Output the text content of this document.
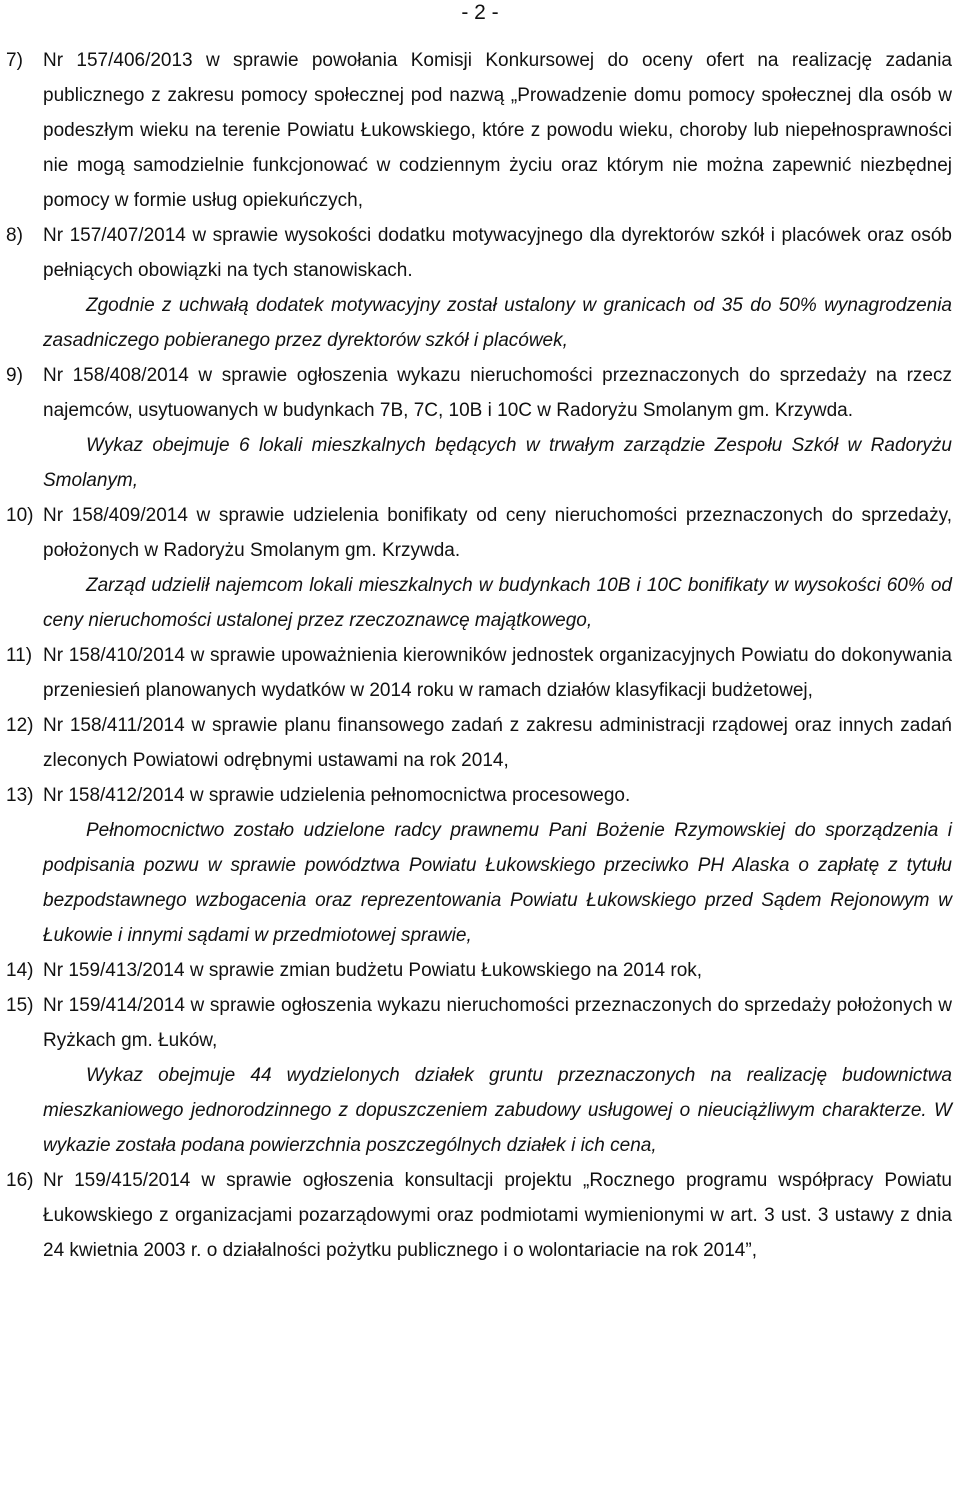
- 2 -
7)	Nr 157/406/2013 w sprawie powołania Komisji Konkursowej do oceny ofert na realizację zadania publicznego z zakresu pomocy społecznej pod nazwą „Prowadzenie domu pomocy społecznej dla osób w podeszłym wieku na terenie Powiatu Łukowskiego, które z powodu wieku, choroby lub niepełnosprawności nie mogą samodzielnie funkcjonować w codziennym życiu oraz którym nie można zapewnić niezbędnej pomocy w formie usług opiekuńczych,

8)	Nr 157/407/2014 w sprawie wysokości dodatku motywacyjnego dla dyrektorów szkół i placówek oraz osób pełniących obowiązki na tych stanowiskach.

Zgodnie z uchwałą dodatek motywacyjny został ustalony w granicach od 35 do 50% wynagrodzenia zasadniczego pobieranego przez dyrektorów szkół i placówek,

9)	Nr 158/408/2014 w sprawie ogłoszenia wykazu nieruchomości przeznaczonych do sprzedaży na rzecz najemców, usytuowanych w budynkach 7B, 7C, 10B i 10C w Radoryżu Smolanym gm. Krzywda.

Wykaz obejmuje 6 lokali mieszkalnych będących w trwałym zarządzie Zespołu Szkół w Radoryżu Smolanym,

10) Nr 158/409/2014 w sprawie udzielenia bonifikaty od ceny nieruchomości przeznaczonych do sprzedaży, położonych w Radoryżu Smolanym gm. Krzywda.

Zarząd udzielił najemcom lokali mieszkalnych w budynkach 10B i 10C bonifikaty w wysokości 60% od ceny nieruchomości ustalonej przez rzeczoznawcę majątkowego,

11) Nr 158/410/2014 w sprawie upoważnienia kierowników jednostek organizacyjnych Powiatu do dokonywania przeniesień planowanych wydatków w 2014 roku w ramach działów klasyfikacji budżetowej,

12) Nr 158/411/2014 w sprawie planu finansowego zadań z zakresu administracji rządowej oraz innych zadań zleconych Powiatowi odrębnymi ustawami na rok 2014,

13) Nr 158/412/2014 w sprawie udzielenia pełnomocnictwa procesowego.

Pełnomocnictwo zostało udzielone radcy prawnemu Pani Bożenie Rzymowskiej do sporządzenia i podpisania pozwu w sprawie powództwa Powiatu Łukowskiego przeciwko PH Alaska o zapłatę z tytułu bezpodstawnego wzbogacenia oraz reprezentowania Powiatu Łukowskiego przed Sądem Rejonowym w Łukowie i innymi sądami w przedmiotowej sprawie,

14) Nr 159/413/2014 w sprawie zmian budżetu Powiatu Łukowskiego na 2014 rok,

15) Nr 159/414/2014 w sprawie ogłoszenia wykazu nieruchomości przeznaczonych do sprzedaży położonych w Ryżkach gm. Łuków,

Wykaz obejmuje 44 wydzielonych działek gruntu przeznaczonych na realizację budownictwa mieszkaniowego jednorodzinnego z dopuszczeniem zabudowy usługowej o nieuciążliwym charakterze. W wykazie została podana powierzchnia poszczególnych działek i ich cena,

16) Nr 159/415/2014 w sprawie ogłoszenia konsultacji projektu „Rocznego programu współpracy Powiatu Łukowskiego z organizacjami pozarządowymi oraz podmiotami wymienionymi w art. 3 ust. 3 ustawy z dnia 24 kwietnia 2003 r. o działalności pożytku publicznego i o wolontariacie na rok 2014”,
